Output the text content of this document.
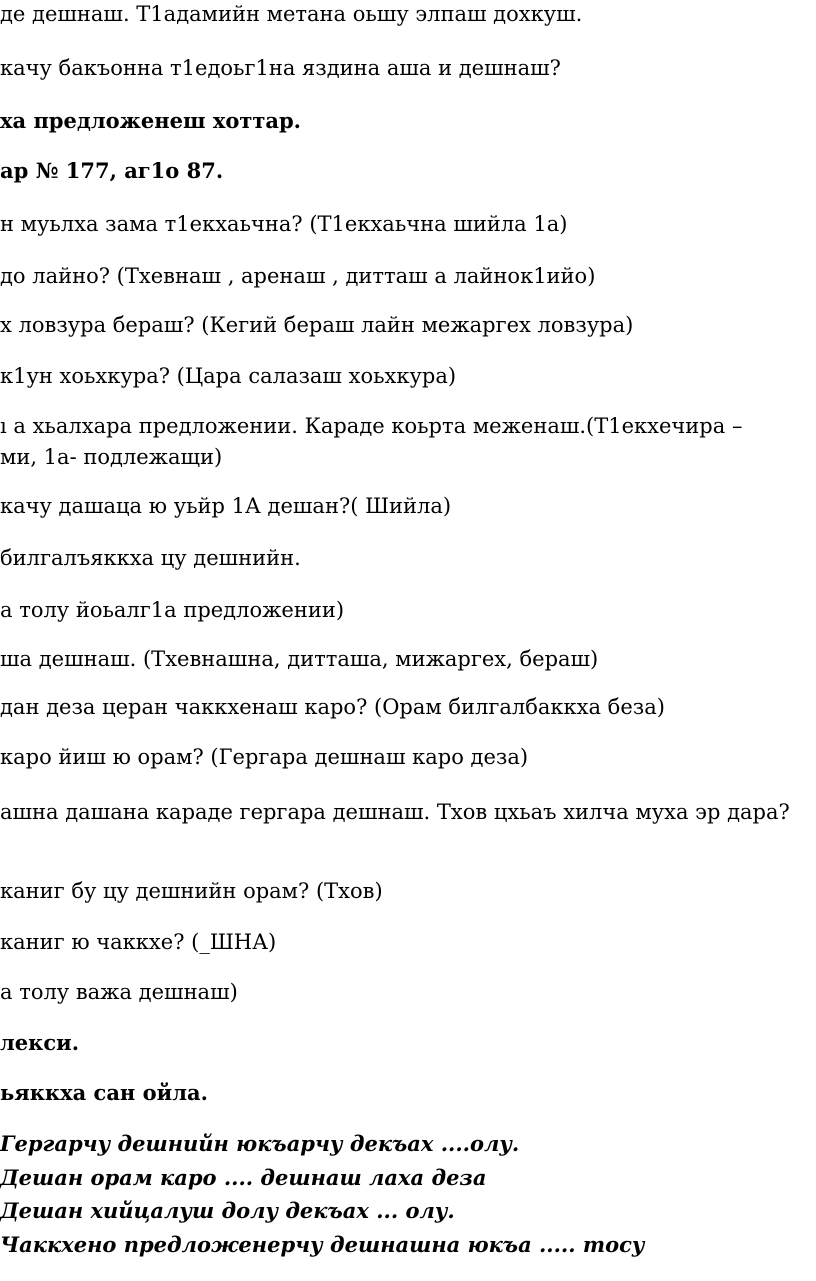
де дешнаш. Т1адамийн метана оьшу элпаш дохкуш.
качу бакъонна т1едоьг1на яздина аша и дешнаш?
ха предложенеш хоттар.
ар № 177, аг1о 87.
н муьлха зама т1екхаьчна? (Т1екхаьчна шийла 1а)
до лайно? (Тхевнаш , аренаш , дитташ а лайнок1ийо)
х ловзура бераш? (Кегий бераш лайн межаргех ловзура)
к1ун хоьхкура? (Цара салазаш хоьхкура)
ı а хьалхара предложении. Караде коьрта меженаш.(Т1екхечира –
ми, 1а- подлежащи)
качу дашаца ю уьйр 1А дешан?( Шийла)
билгалъяккха цу дешнийн.
а толу йоьалг1а предложении)
ша дешнаш. (Тхевнашна, дитташа, мижаргех, бераш)
дан деза церан чаккхенаш каро? (Орам билгалбаккха беза)
каро йиш ю орам? (Гергара дешнаш каро деза)
ашна дашана караде гергара дешнаш. Тхов цхьаъ хилча муха эр дара?
каниг бу цу дешнийн орам? (Тхов)
каниг ю чаккхе? (_ШНА)
а толу важа дешнаш)
лекси.
ьяккха сан ойла.
Гергарчу дешнийн юкъарчу декъах ....олу.
Дешан орам каро .... дешнаш лаха деза
Дешан хийцалуш долу декъах ... олу.
Чаккхено предложенерчу дешнашна юкъа ..... тосу
